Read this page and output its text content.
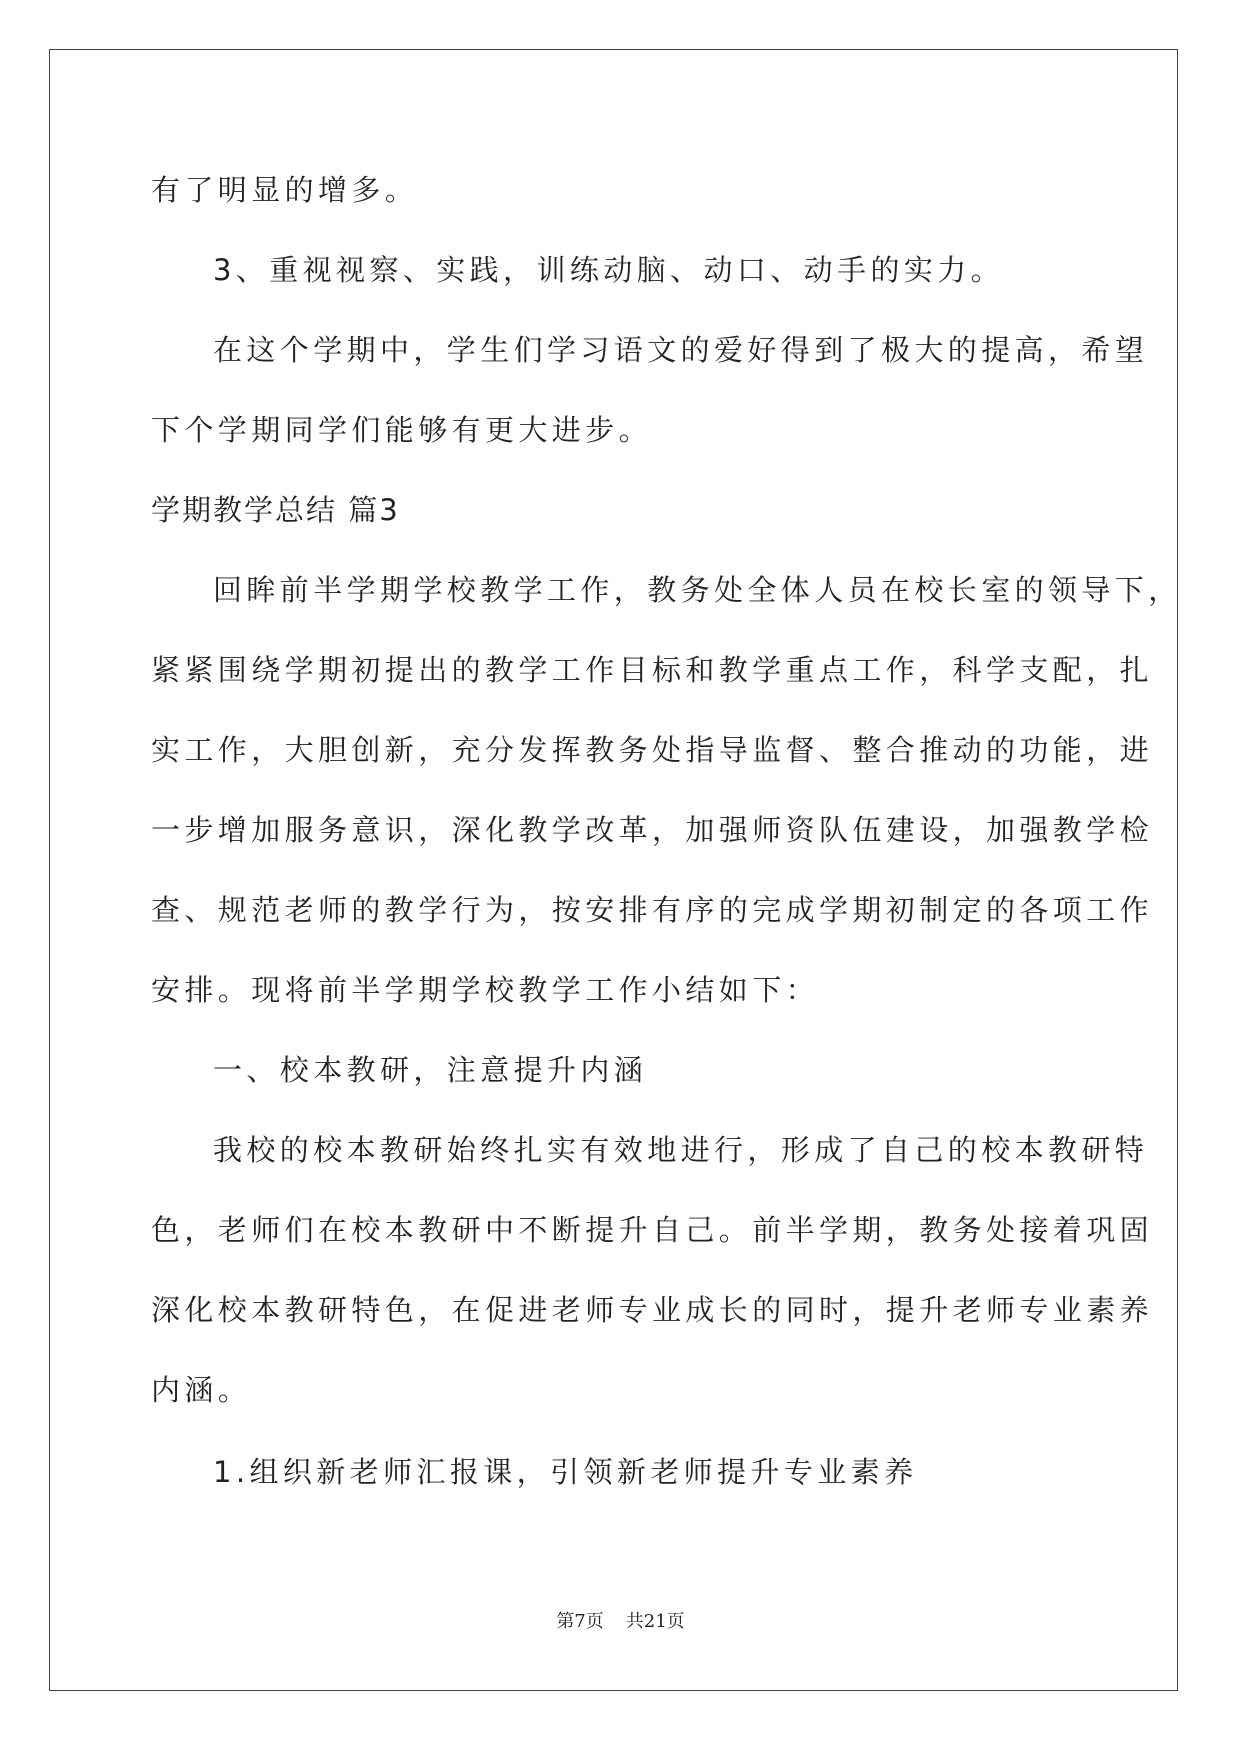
有了明显的增多。
3、重视视察、实践，训练动脑、动口、动手的实力。
在这个学期中，学生们学习语文的爱好得到了极大的提高，希望
下个学期同学们能够有更大进步。
学期教学总结 篇3
回眸前半学期学校教学工作，教务处全体人员在校长室的领导下，
紧紧围绕学期初提出的教学工作目标和教学重点工作，科学支配，扎
实工作，大胆创新，充分发挥教务处指导监督、整合推动的功能，进
一步增加服务意识，深化教学改革，加强师资队伍建设，加强教学检
查、规范老师的教学行为，按安排有序的完成学期初制定的各项工作
安排。现将前半学期学校教学工作小结如下：
一、校本教研，注意提升内涵
我校的校本教研始终扎实有效地进行，形成了自己的校本教研特
色，老师们在校本教研中不断提升自己。前半学期，教务处接着巩固
深化校本教研特色，在促进老师专业成长的同时，提升老师专业素养
内涵。
1.组织新老师汇报课，引领新老师提升专业素养
第7页 共21页
